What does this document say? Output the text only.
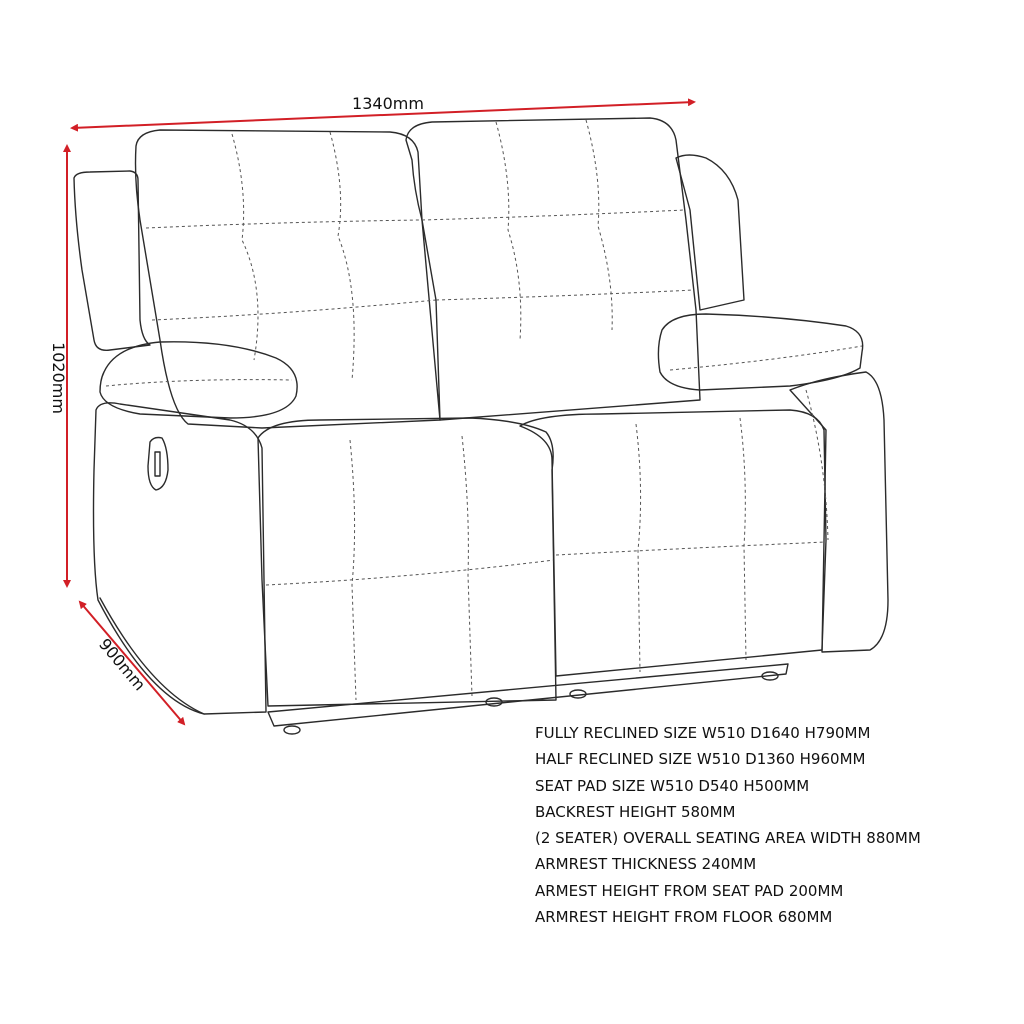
1340mm
1020mm
900mm
FULLY RECLINED SIZE W510 D1640 H790MM
HALF RECLINED SIZE W510 D1360 H960MM
SEAT PAD SIZE W510 D540 H500MM
BACKREST HEIGHT 580MM
(2 SEATER) OVERALL SEATING AREA WIDTH 880MM
ARMREST THICKNESS 240MM
ARMEST HEIGHT FROM SEAT PAD 200MM
ARMREST HEIGHT FROM FLOOR 680MM
